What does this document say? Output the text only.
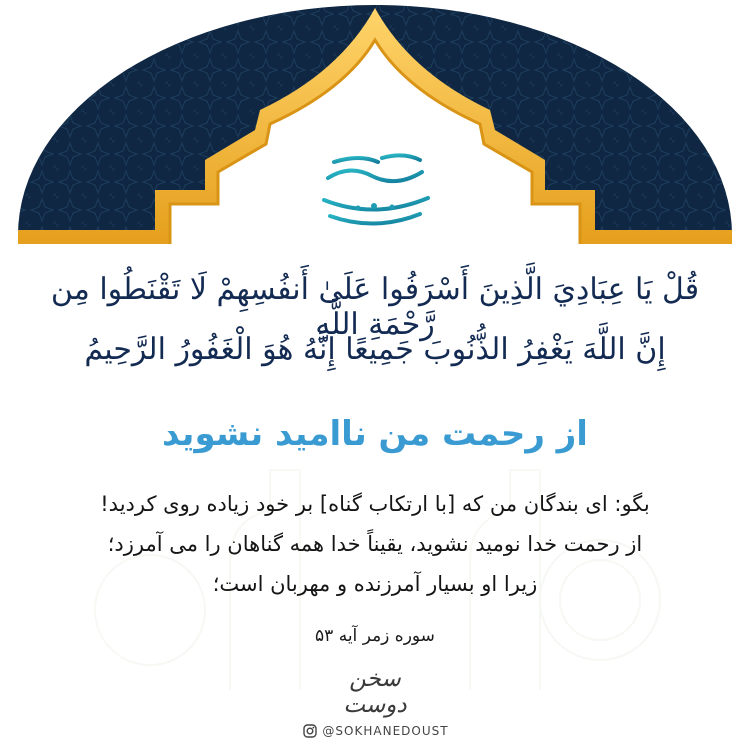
قُلْ يَا عِبَادِيَ الَّذِينَ أَسْرَفُوا عَلَىٰ أَنفُسِهِمْ لَا تَقْنَطُوا مِن رَّحْمَةِ اللَّهِ
إِنَّ اللَّهَ يَغْفِرُ الذُّنُوبَ جَمِيعًا إِنَّهُ هُوَ الْغَفُورُ الرَّحِيمُ
از رحمت من ناامید نشوید
بگو: ای بندگان من که [با ارتکاب گناه] بر خود زیاده روی کردید!
از رحمت خدا نومید نشوید، یقیناً خدا همه گناهان را می آمرزد؛
زیرا او بسیار آمرزنده و مهربان است؛
سوره زمر آیه ۵۳
سخن دوست
@SOKHANEDOUST
